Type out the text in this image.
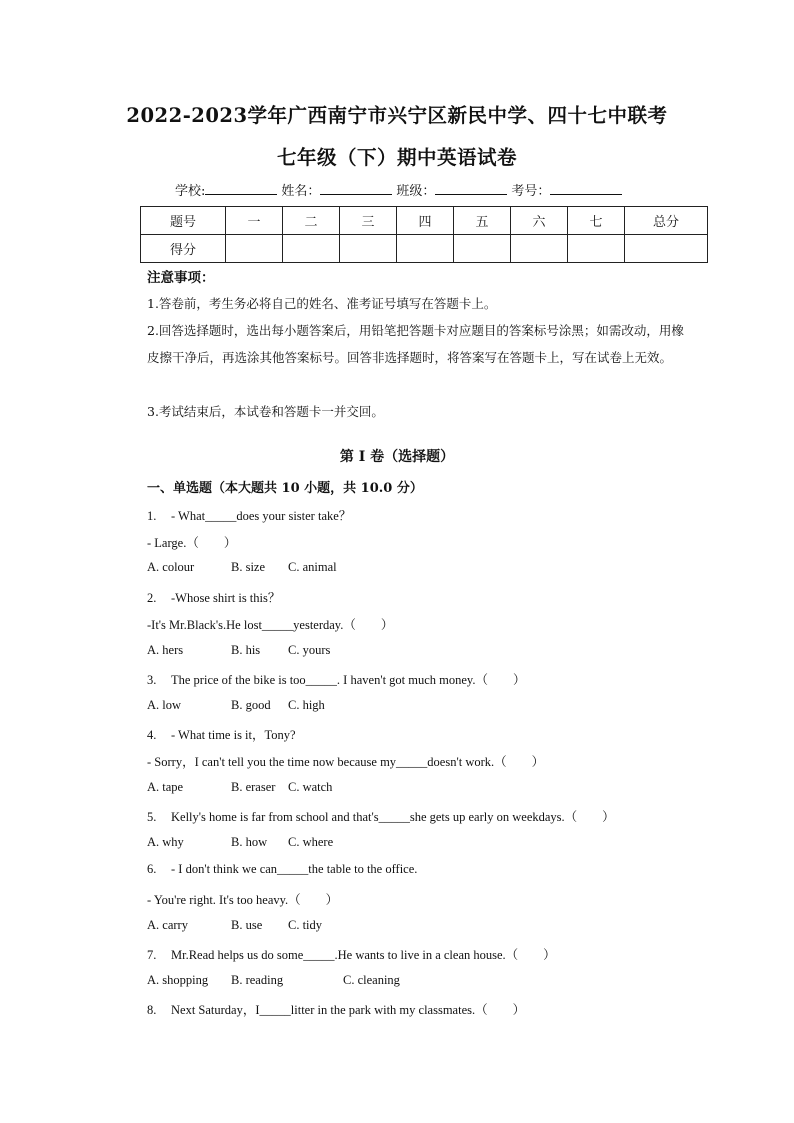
2022-2023学年广西南宁市兴宁区新民中学、四十七中联考
七年级（下）期中英语试卷
学校:	姓名：	班级：	考号：
题号	一	二	三	四	五	六	七	总分
得分								
注意事项：
1.答卷前，考生务必将自己的姓名、准考证号填写在答题卡上。
2.回答选择题时，选出每小题答案后，用铅笔把答题卡对应题目的答案标号涂黑；如需改动，用橡皮擦干净后，再选涂其他答案标号。回答非选择题时，将答案写在答题卡上，写在试卷上无效。
3.考试结束后，本试卷和答题卡一并交回。
第 I 卷（选择题）
一、单选题（本大题共 10 小题，共 10.0 分）
1. - What_____does your sister take？
- Large.（　　）
A. colour	B. size C. animal
2. -Whose shirt is this？
-It's Mr.Black's.He lost_____yesterday.（　　）
A. hers	B. his C. yours
3. The price of the bike is too_____. I haven't got much money.（　　）
A. low	B. good C. high
4. - What time is it，Tony?
- Sorry，I can't tell you the time now because my_____doesn't work.（　　）
A. tape	B. eraser C. watch
5. Kelly's home is far from school and that's_____she gets up early on weekdays.（　　）
A. why	B. how C. where
6. - I don't think we can_____the table to the office.
- You're right. It's too heavy.（　　）
A. carry	B. use C. tidy
7. Mr.Read helps us do some_____.He wants to live in a clean house.（　　）
A. shopping B. reading	C. cleaning
8. Next Saturday，I_____litter in the park with my classmates.（　　）
